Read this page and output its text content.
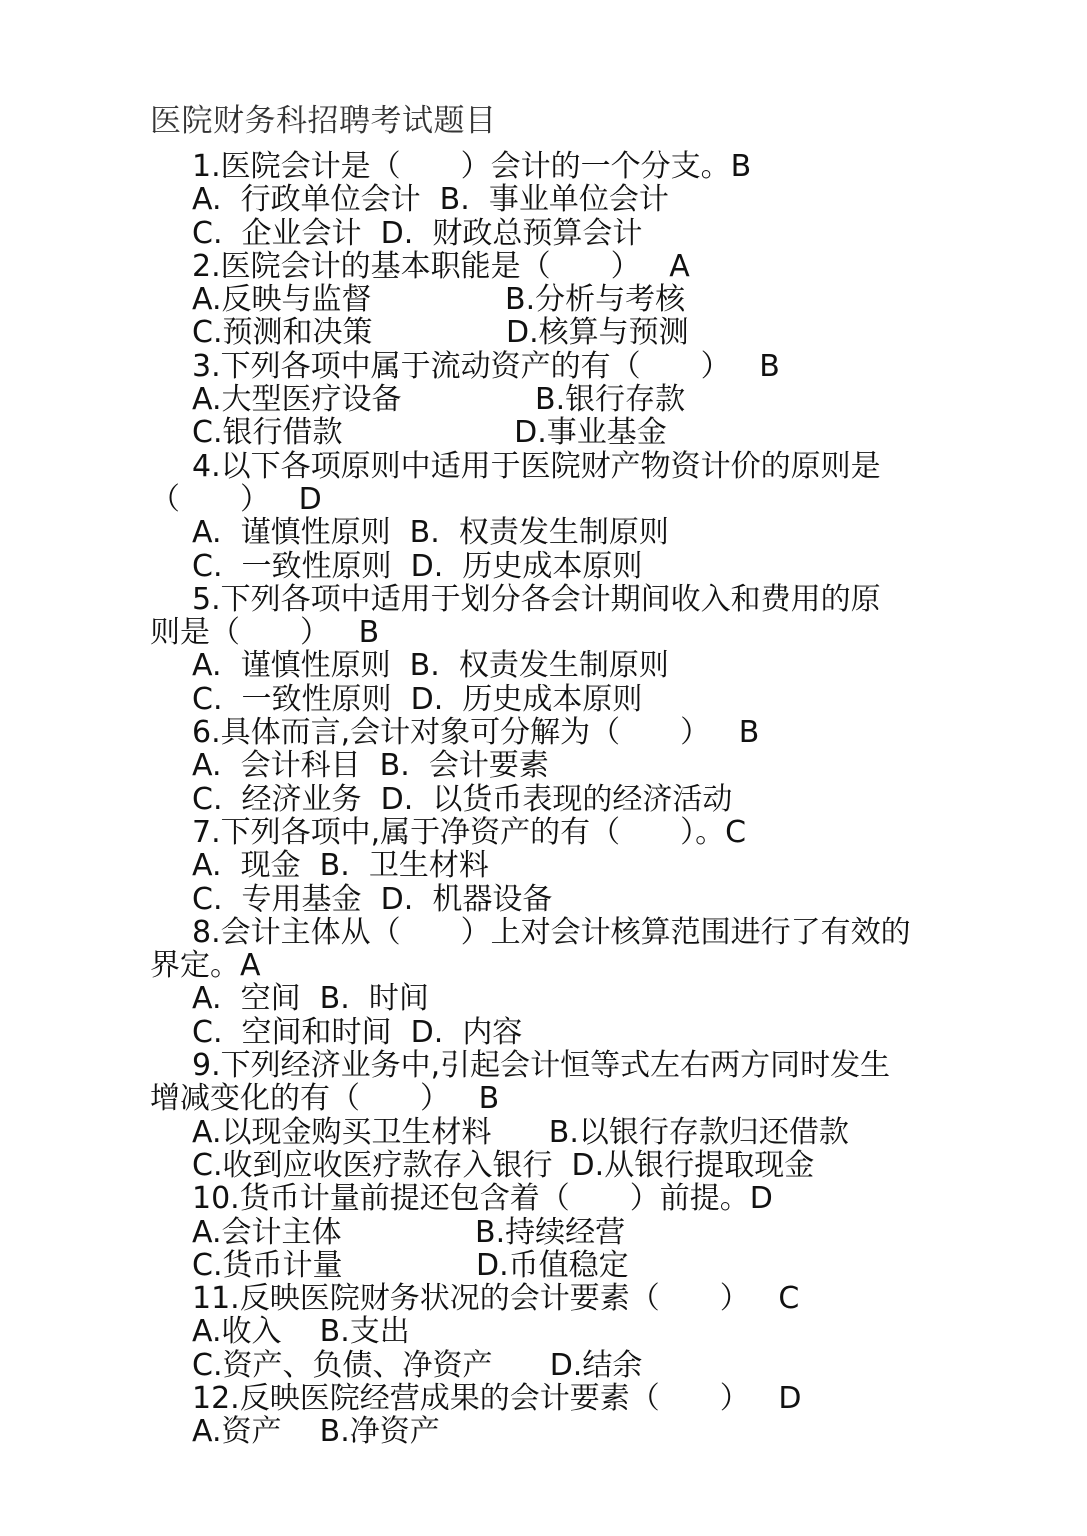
医院财务科招聘考试题目
1.医院会计是（　　）会计的一个分支。B
A.  行政单位会计  B.  事业单位会计
C.  企业会计  D.  财政总预算会计
2.医院会计的基本职能是（　　）   A
A.反映与监督              B.分析与考核
C.预测和决策              D.核算与预测
3.下列各项中属于流动资产的有（　　）   B
A.大型医疗设备              B.银行存款
C.银行借款                  D.事业基金
4.以下各项原则中适用于医院财产物资计价的原则是
（　　）   D
A.  谨慎性原则  B.  权责发生制原则
C.  一致性原则  D.  历史成本原则
5.下列各项中适用于划分各会计期间收入和费用的原
则是（　　）   B
A.  谨慎性原则  B.  权责发生制原则
C.  一致性原则  D.  历史成本原则
6.具体而言,会计对象可分解为（　　）   B
A.  会计科目  B.  会计要素
C.  经济业务  D.  以货币表现的经济活动
7.下列各项中,属于净资产的有（　　）。C
A.  现金  B.  卫生材料
C.  专用基金  D.  机器设备
8.会计主体从（　　）上对会计核算范围进行了有效的
界定。A
A.  空间  B.  时间
C.  空间和时间  D.  内容
9.下列经济业务中,引起会计恒等式左右两方同时发生
增减变化的有（　　）   B
A.以现金购买卫生材料      B.以银行存款归还借款
C.收到应收医疗款存入银行  D.从银行提取现金
10.货币计量前提还包含着（　　）前提。D
A.会计主体              B.持续经营
C.货币计量              D.币值稳定
11.反映医院财务状况的会计要素（　　）   C
A.收入    B.支出
C.资产、负债、净资产      D.结余
12.反映医院经营成果的会计要素（　　）   D
A.资产    B.净资产
